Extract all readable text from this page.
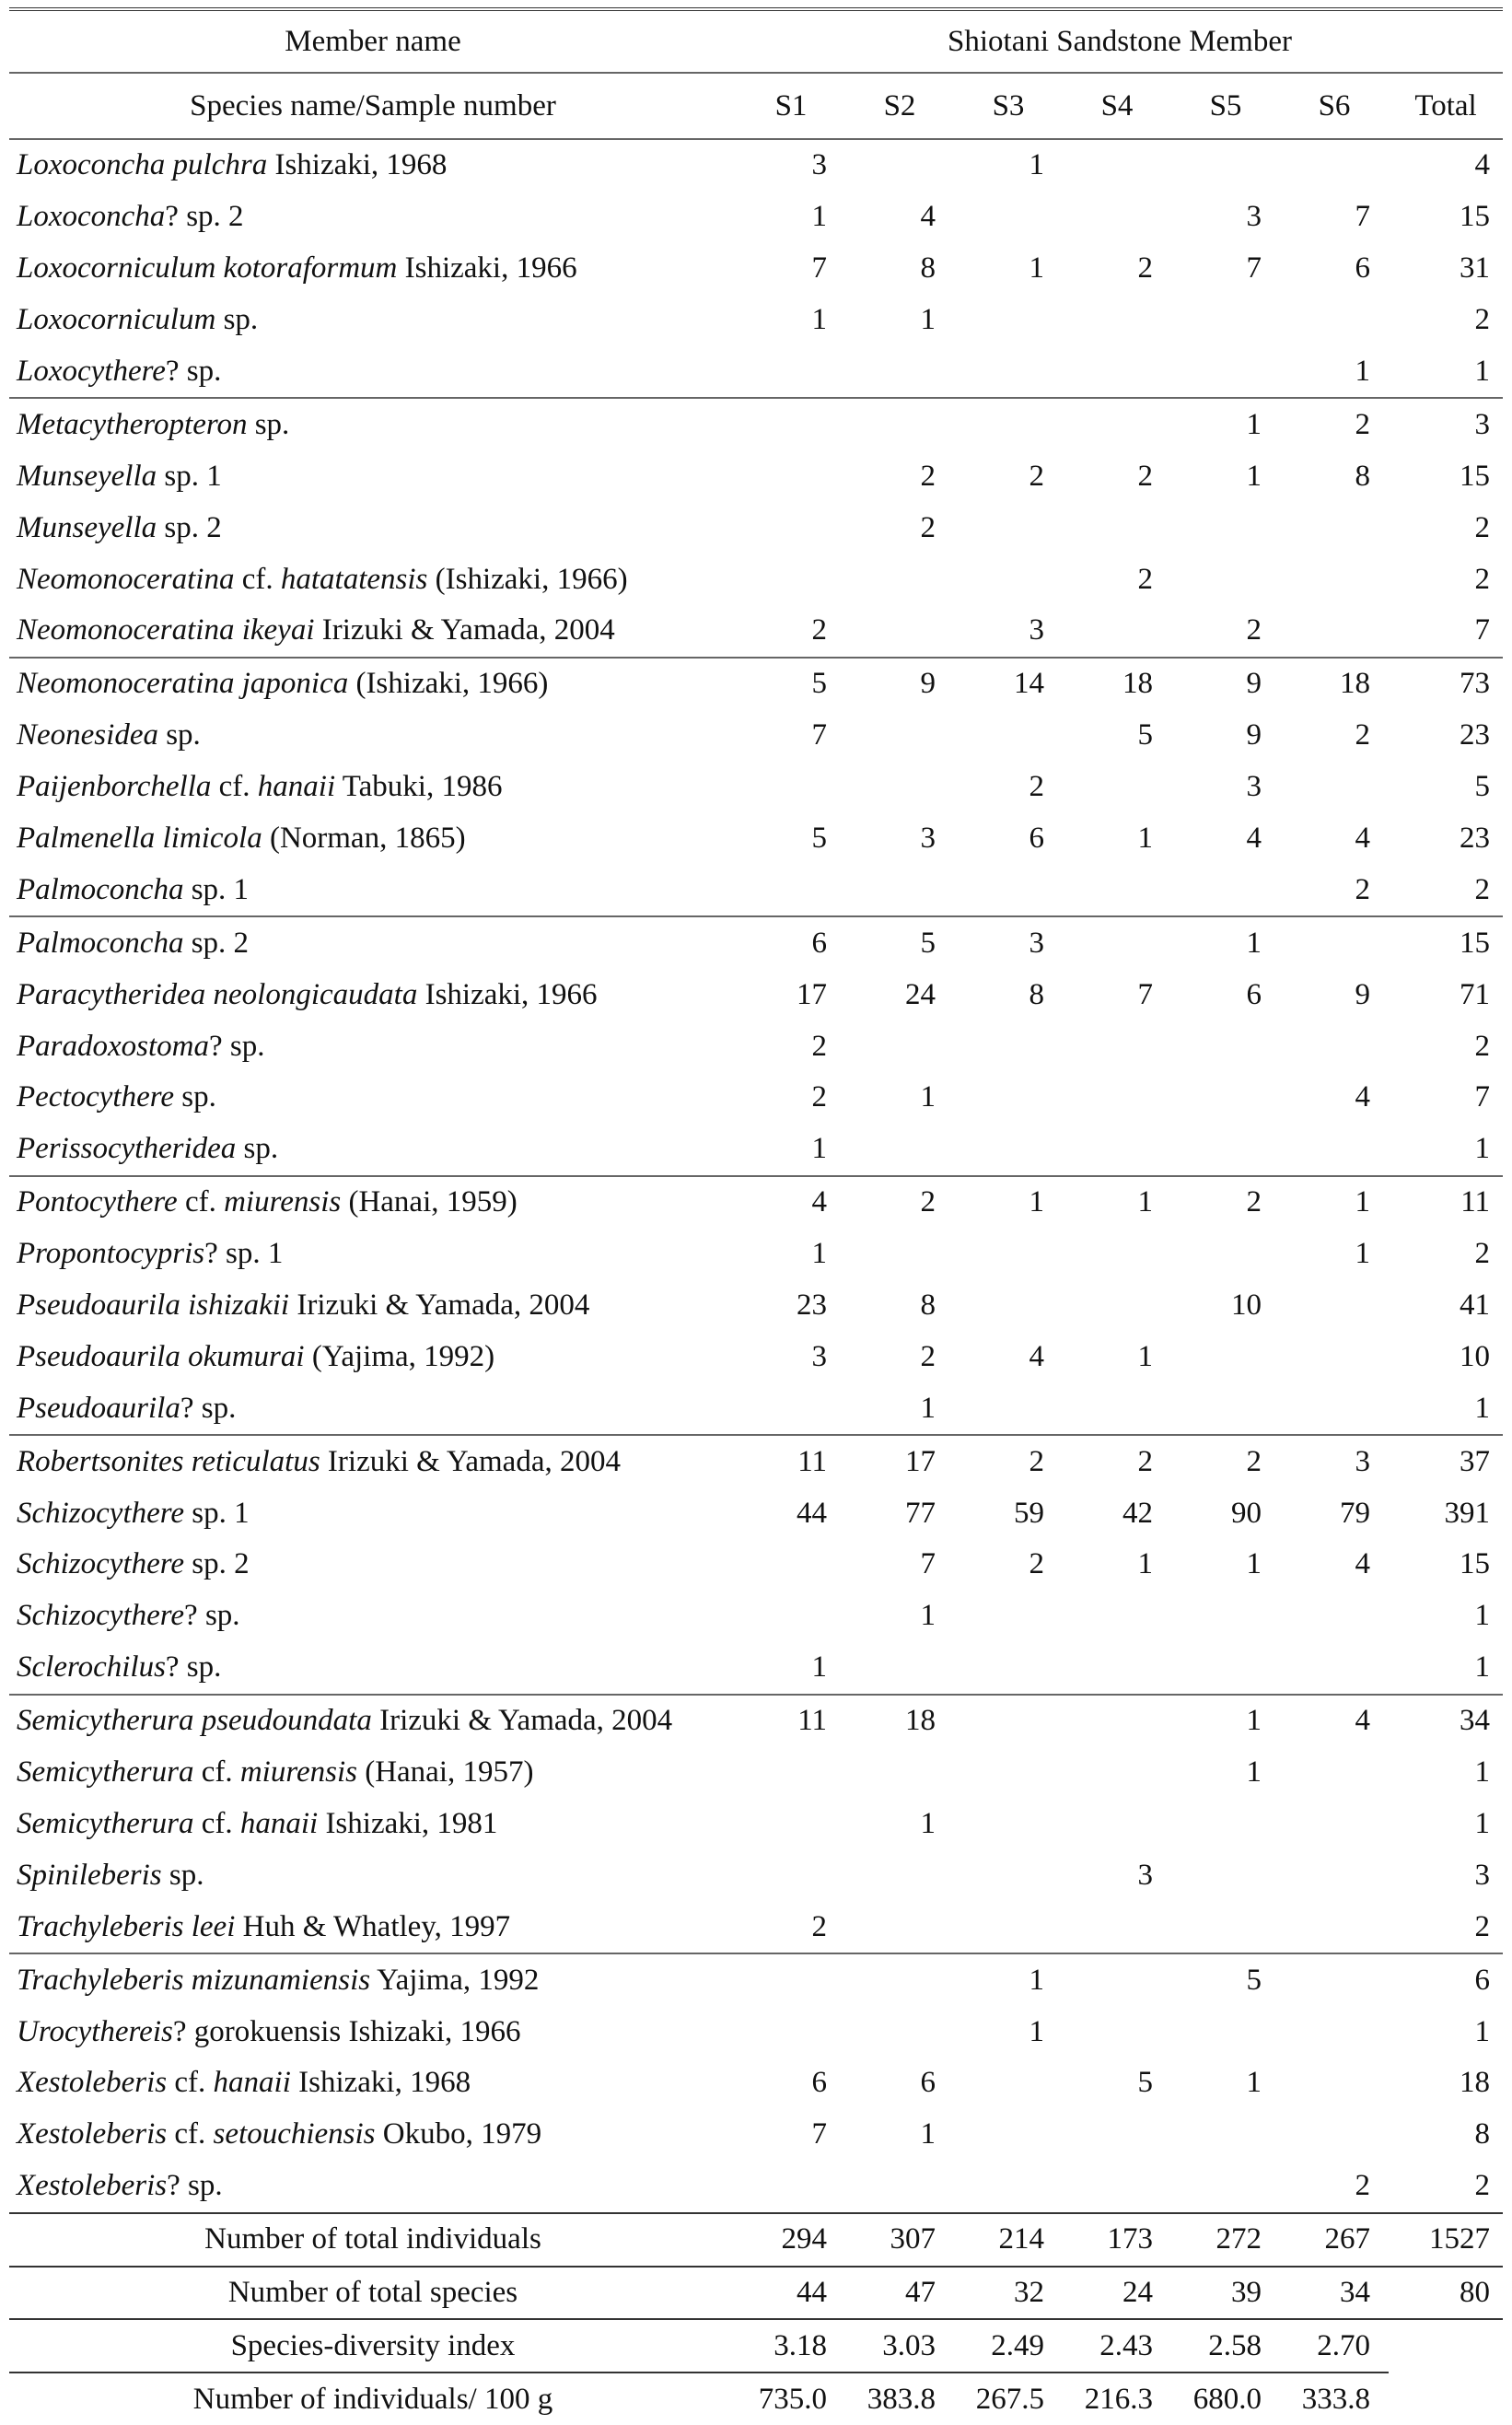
Member name	Shiotani Sandstone Member						
Species name/Sample number	S1	S2	S3	S4	S5	S6	Total
Loxoconcha pulchra Ishizaki, 1968	3		1				4
Loxoconcha? sp. 2	1	4			3	7	15
Loxocorniculum kotoraformum Ishizaki, 1966	7	8	1	2	7	6	31
Loxocorniculum sp.	1	1					2
Loxocythere? sp.						1	1
Metacytheropteron sp.					1	2	3
Munseyella sp. 1		2	2	2	1	8	15
Munseyella sp. 2		2					2
Neomonoceratina cf. hatatatensis (Ishizaki, 1966)				2			2
Neomonoceratina ikeyai Irizuki & Yamada, 2004	2		3		2		7
Neomonoceratina japonica (Ishizaki, 1966)	5	9	14	18	9	18	73
Neonesidea sp.	7			5	9	2	23
Paijenborchella cf. hanaii Tabuki, 1986			2		3		5
Palmenella limicola (Norman, 1865)	5	3	6	1	4	4	23
Palmoconcha sp. 1						2	2
Palmoconcha sp. 2	6	5	3		1		15
Paracytheridea neolongicaudata Ishizaki, 1966	17	24	8	7	6	9	71
Paradoxostoma? sp.	2						2
Pectocythere sp.	2	1				4	7
Perissocytheridea sp.	1						1
Pontocythere cf. miurensis (Hanai, 1959)	4	2	1	1	2	1	11
Propontocypris? sp. 1	1					1	2
Pseudoaurila ishizakii Irizuki & Yamada, 2004	23	8			10		41
Pseudoaurila okumurai (Yajima, 1992)	3	2	4	1			10
Pseudoaurila? sp.		1					1
Robertsonites reticulatus Irizuki & Yamada, 2004	11	17	2	2	2	3	37
Schizocythere sp. 1	44	77	59	42	90	79	391
Schizocythere sp. 2		7	2	1	1	4	15
Schizocythere? sp.		1					1
Sclerochilus? sp.	1						1
Semicytherura pseudoundata Irizuki & Yamada, 2004	11	18			1	4	34
Semicytherura cf. miurensis (Hanai, 1957)					1		1
Semicytherura cf. hanaii Ishizaki, 1981		1					1
Spinileberis sp.				3			3
Trachyleberis leei Huh & Whatley, 1997	2						2
Trachyleberis mizunamiensis Yajima, 1992			1		5		6
Urocythereis? gorokuensis Ishizaki, 1966			1				1
Xestoleberis cf. hanaii Ishizaki, 1968	6	6		5	1		18
Xestoleberis cf. setouchiensis Okubo, 1979	7	1					8
Xestoleberis? sp.						2	2
Number of total individuals	294	307	214	173	272	267	1527
Number of total species	44	47	32	24	39	34	80
Species-diversity index	3.18	3.03	2.49	2.43	2.58	2.70	
Number of individuals/ 100 g	735.0	383.8	267.5	216.3	680.0	333.8	
